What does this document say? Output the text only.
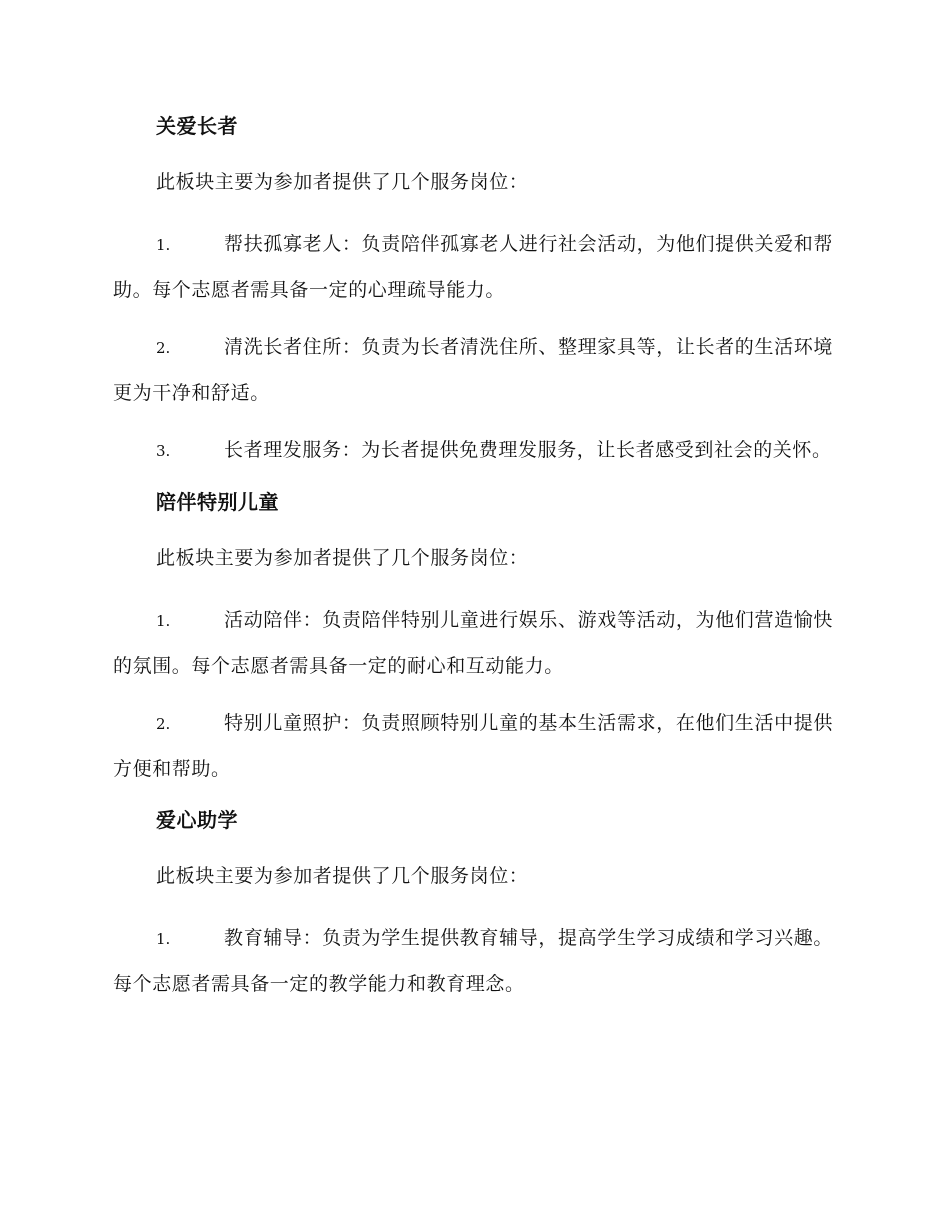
关爱长者
此板块主要为参加者提供了几个服务岗位：
1.	帮扶孤寡老人：负责陪伴孤寡老人进行社会活动，为他们提供关爱和帮助。每个志愿者需具备一定的心理疏导能力。
2.	清洗长者住所：负责为长者清洗住所、整理家具等，让长者的生活环境更为干净和舒适。
3.	长者理发服务：为长者提供免费理发服务，让长者感受到社会的关怀。
陪伴特别儿童
此板块主要为参加者提供了几个服务岗位：
1.	活动陪伴：负责陪伴特别儿童进行娱乐、游戏等活动，为他们营造愉快的氛围。每个志愿者需具备一定的耐心和互动能力。
2.	特别儿童照护：负责照顾特别儿童的基本生活需求，在他们生活中提供方便和帮助。
爱心助学
此板块主要为参加者提供了几个服务岗位：
1.	教育辅导：负责为学生提供教育辅导，提高学生学习成绩和学习兴趣。每个志愿者需具备一定的教学能力和教育理念。
